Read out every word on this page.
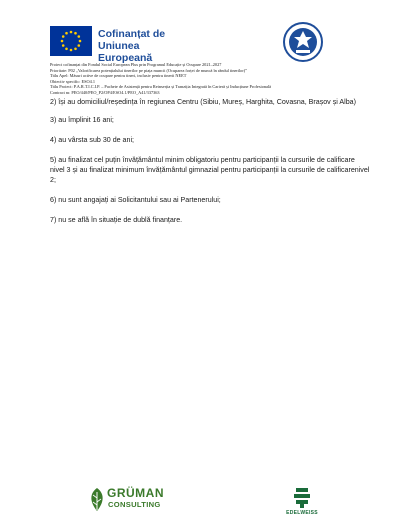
Cofinanțat de
Uniunea Europeană
Proiect cofinanțat din Fondul Social European Plus prin Programul Educație și Ocupare 2021–2027
Prioritate: P02 „Valorificarea potențialului tinerilor pe piața muncii (Ocuparea forței de muncă în rândul tinerilor)”
Titlu Apel: Măsuri active de ocupare pentru tineri, inclusiv pentru tinerii NEET
Obiectiv specific: ESO4.1
Titlu Proiect: P.A.R.T.I.C.I.P. – Pachete de Asistență pentru Reinserția și Tranziția Integrată în Carieră și Inducțiune Profesională
Contract nr. PEO/440/PEO_P2/OP4/ESO4.1/PEO_A41/337363

2) își au domiciliul/reședința în regiunea Centru (Sibiu, Mureș, Harghita, Covasna, Brașov și Alba)

3) au împlinit 16 ani;

4) au vârsta sub 30 de ani;

5) au finalizat cel puțin învățământul minim obligatoriu pentru participanții la cursurile de calificare nivel 3 și au finalizat minimum învățământul gimnazial pentru participanții la cursurile de calificarenivel 2;

6) nu sunt angajați ai Solicitantului sau ai Partenerului;

7) nu se află în situație de dublă finanțare.

GRÜMAN
CONSULTING
EDELWEISS
